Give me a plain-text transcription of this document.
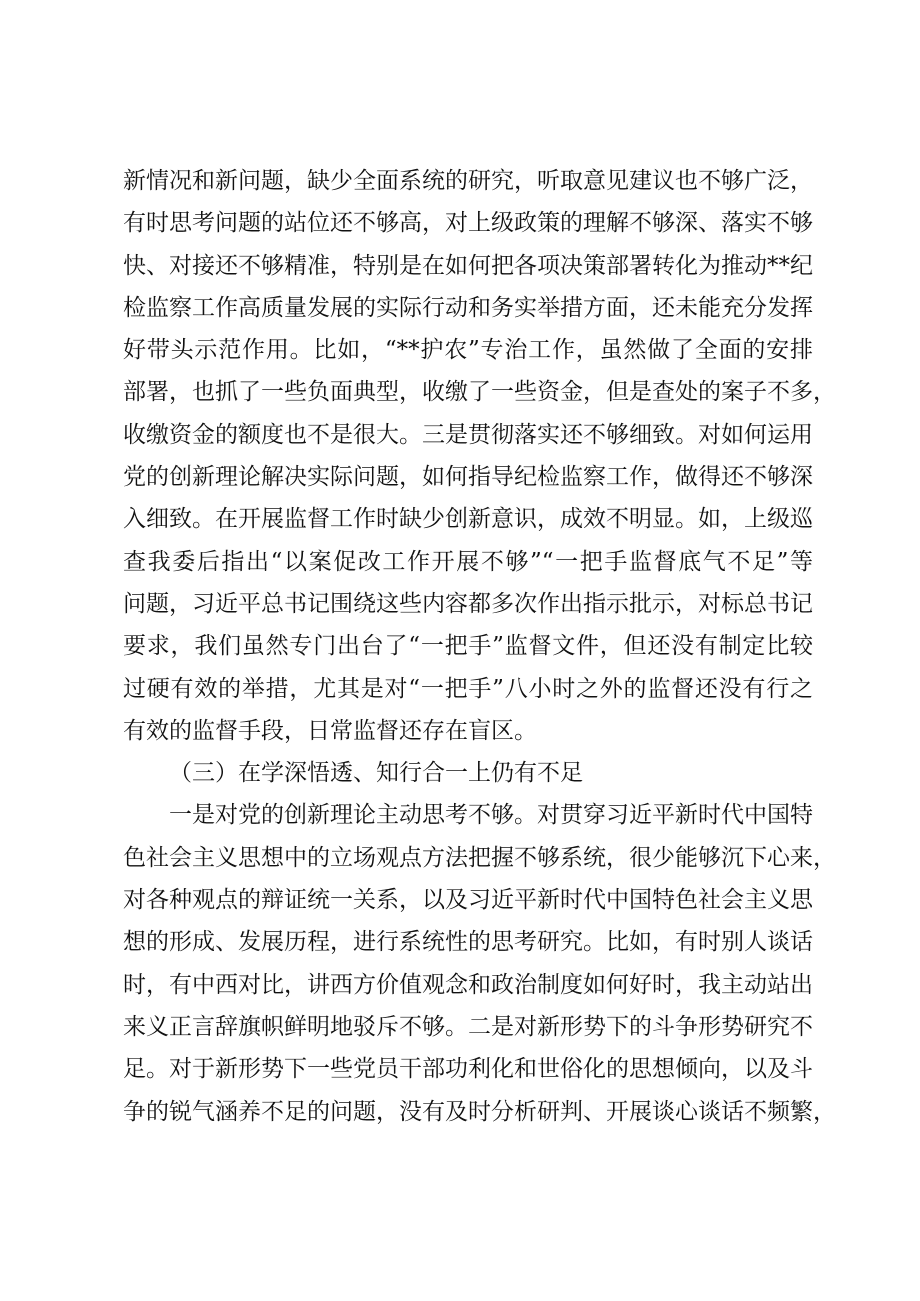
新情况和新问题，缺少全面系统的研究，听取意见建议也不够广泛，
有时思考问题的站位还不够高，对上级政策的理解不够深、落实不够
快、对接还不够精准，特别是在如何把各项决策部署转化为推动**纪
检监察工作高质量发展的实际行动和务实举措方面，还未能充分发挥
好带头示范作用。比如，“**护农”专治工作，虽然做了全面的安排
部署，也抓了一些负面典型，收缴了一些资金，但是查处的案子不多，
收缴资金的额度也不是很大。三是贯彻落实还不够细致。对如何运用
党的创新理论解决实际问题，如何指导纪检监察工作，做得还不够深
入细致。在开展监督工作时缺少创新意识，成效不明显。如，上级巡
查我委后指出“以案促改工作开展不够”“一把手监督底气不足”等
问题，习近平总书记围绕这些内容都多次作出指示批示，对标总书记
要求，我们虽然专门出台了“一把手”监督文件，但还没有制定比较
过硬有效的举措，尤其是对“一把手”八小时之外的监督还没有行之
有效的监督手段，日常监督还存在盲区。
（三）在学深悟透、知行合一上仍有不足
一是对党的创新理论主动思考不够。对贯穿习近平新时代中国特
色社会主义思想中的立场观点方法把握不够系统，很少能够沉下心来，
对各种观点的辩证统一关系，以及习近平新时代中国特色社会主义思
想的形成、发展历程，进行系统性的思考研究。比如，有时别人谈话
时，有中西对比，讲西方价值观念和政治制度如何好时，我主动站出
来义正言辞旗帜鲜明地驳斥不够。二是对新形势下的斗争形势研究不
足。对于新形势下一些党员干部功利化和世俗化的思想倾向，以及斗
争的锐气涵养不足的问题，没有及时分析研判、开展谈心谈话不频繁，
